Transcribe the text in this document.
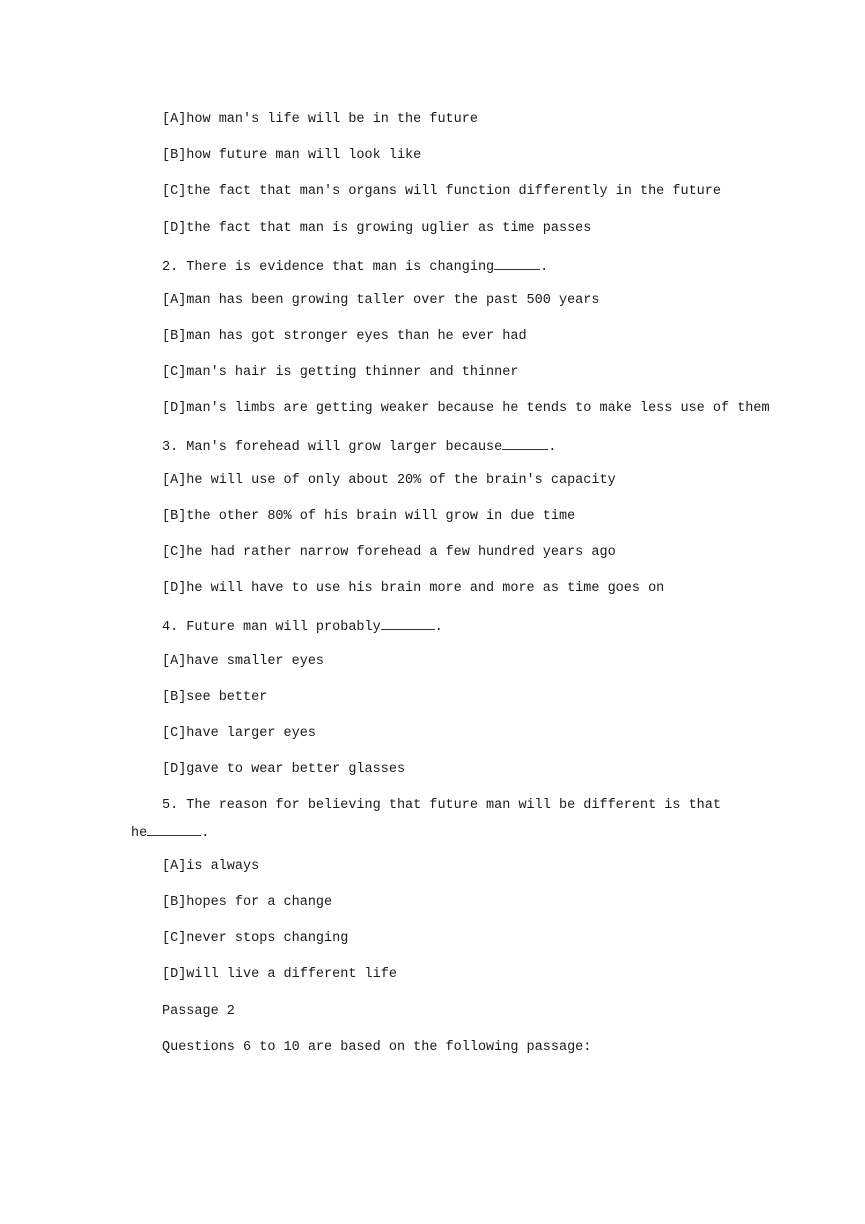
[A]how man's life will be in the future
[B]how future man will look like
[C]the fact that man's organs will function differently in the future
[D]the fact that man is growing uglier as time passes
2. There is evidence that man is changing	.
[A]man has been growing taller over the past 500 years
[B]man has got stronger eyes than he ever had
[C]man's hair is getting thinner and thinner
[D]man's limbs are getting weaker because he tends to make less use of them
3. Man's forehead will grow larger because	.
[A]he will use of only about 20% of the brain's capacity
[B]the other 80% of his brain will grow in due time
[C]he had rather narrow forehead a few hundred years ago
[D]he will have to use his brain more and more as time goes on
4. Future man will probably	.
[A]have smaller eyes
[B]see better
[C]have larger eyes
[D]gave to wear better glasses
5. The reason for believing that future man will be different is that
he	.
[A]is always
[B]hopes for a change
[C]never stops changing
[D]will live a different life
Passage 2
Questions 6 to 10 are based on the following passage:
